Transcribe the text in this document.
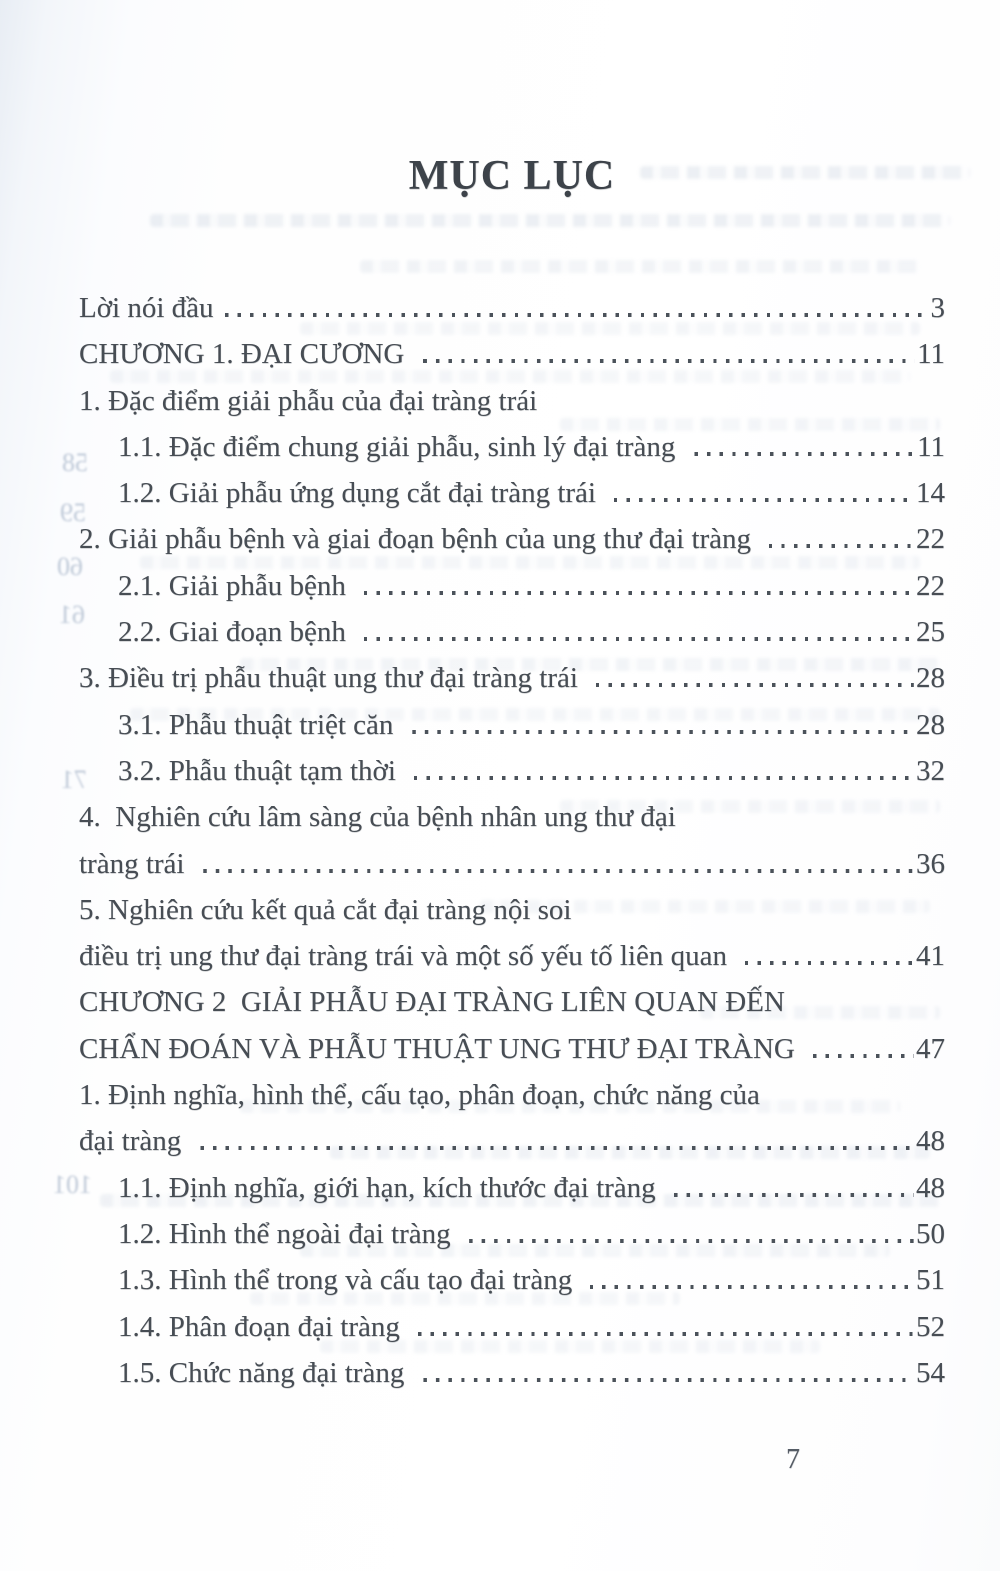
MỤC LỤC
Lời nói đầu	3
CHƯƠNG 1. ĐẠI CƯƠNG	11
1. Đặc điểm giải phẫu của đại tràng trái
1.1. Đặc điểm chung giải phẫu, sinh lý đại tràng	11
1.2. Giải phẫu ứng dụng cắt đại tràng trái	14
2. Giải phẫu bệnh và giai đoạn bệnh của ung thư đại tràng	22
2.1. Giải phẫu bệnh	22
2.2. Giai đoạn bệnh	25
3. Điều trị phẫu thuật ung thư đại tràng trái	28
3.1. Phẫu thuật triệt căn	28
3.2. Phẫu thuật tạm thời	32
4.  Nghiên cứu lâm sàng của bệnh nhân ung thư đại
tràng trái	36
5. Nghiên cứu kết quả cắt đại tràng nội soi
điều trị ung thư đại tràng trái và một số yếu tố liên quan	41
CHƯƠNG 2  GIẢI PHẪU ĐẠI TRÀNG LIÊN QUAN ĐẾN
CHẨN ĐOÁN VÀ PHẪU THUẬT UNG THƯ ĐẠI TRÀNG	47
1. Định nghĩa, hình thể, cấu tạo, phân đoạn, chức năng của
đại tràng	48
1.1. Định nghĩa, giới hạn, kích thước đại tràng	48
1.2. Hình thể ngoài đại tràng	50
1.3. Hình thể trong và cấu tạo đại tràng	51
1.4. Phân đoạn đại tràng	52
1.5. Chức năng đại tràng	54
7
58
59
60
61
71
101
